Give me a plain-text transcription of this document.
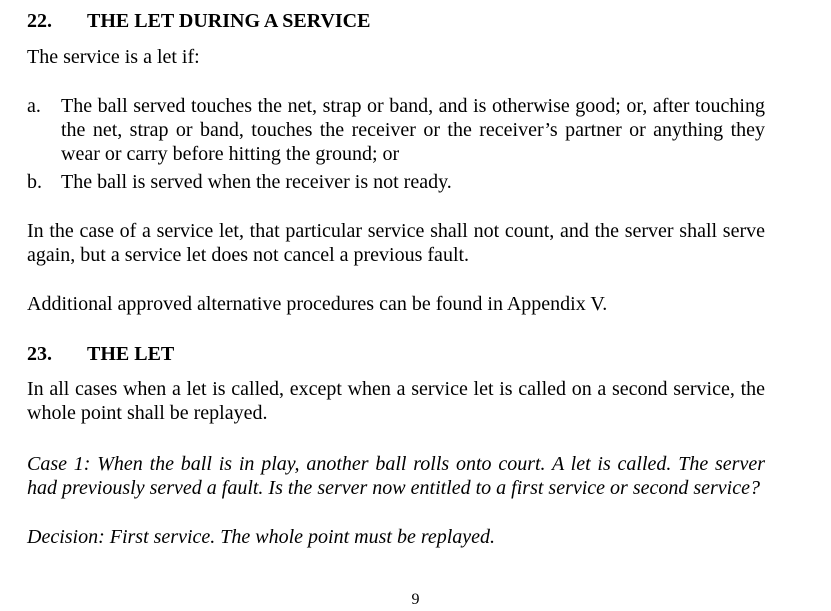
22.	THE LET DURING A SERVICE

The service is a let if:

a.	The ball served touches the net, strap or band, and is otherwise good; or, after touching the net, strap or band, touches the receiver or the receiver’s partner or anything they wear or carry before hitting the ground; or
b. The ball is served when the receiver is not ready.

In the case of a service let, that particular service shall not count, and the server shall serve again, but a service let does not cancel a previous fault.

Additional approved alternative procedures can be found in Appendix V.

23.	THE LET

In all cases when a let is called, except when a service let is called on a second service, the whole point shall be replayed.

Case 1: When the ball is in play, another ball rolls onto court. A let is called. The server had previously served a fault. Is the server now entitled to a first service or second service?

Decision: First service. The whole point must be replayed.

9
